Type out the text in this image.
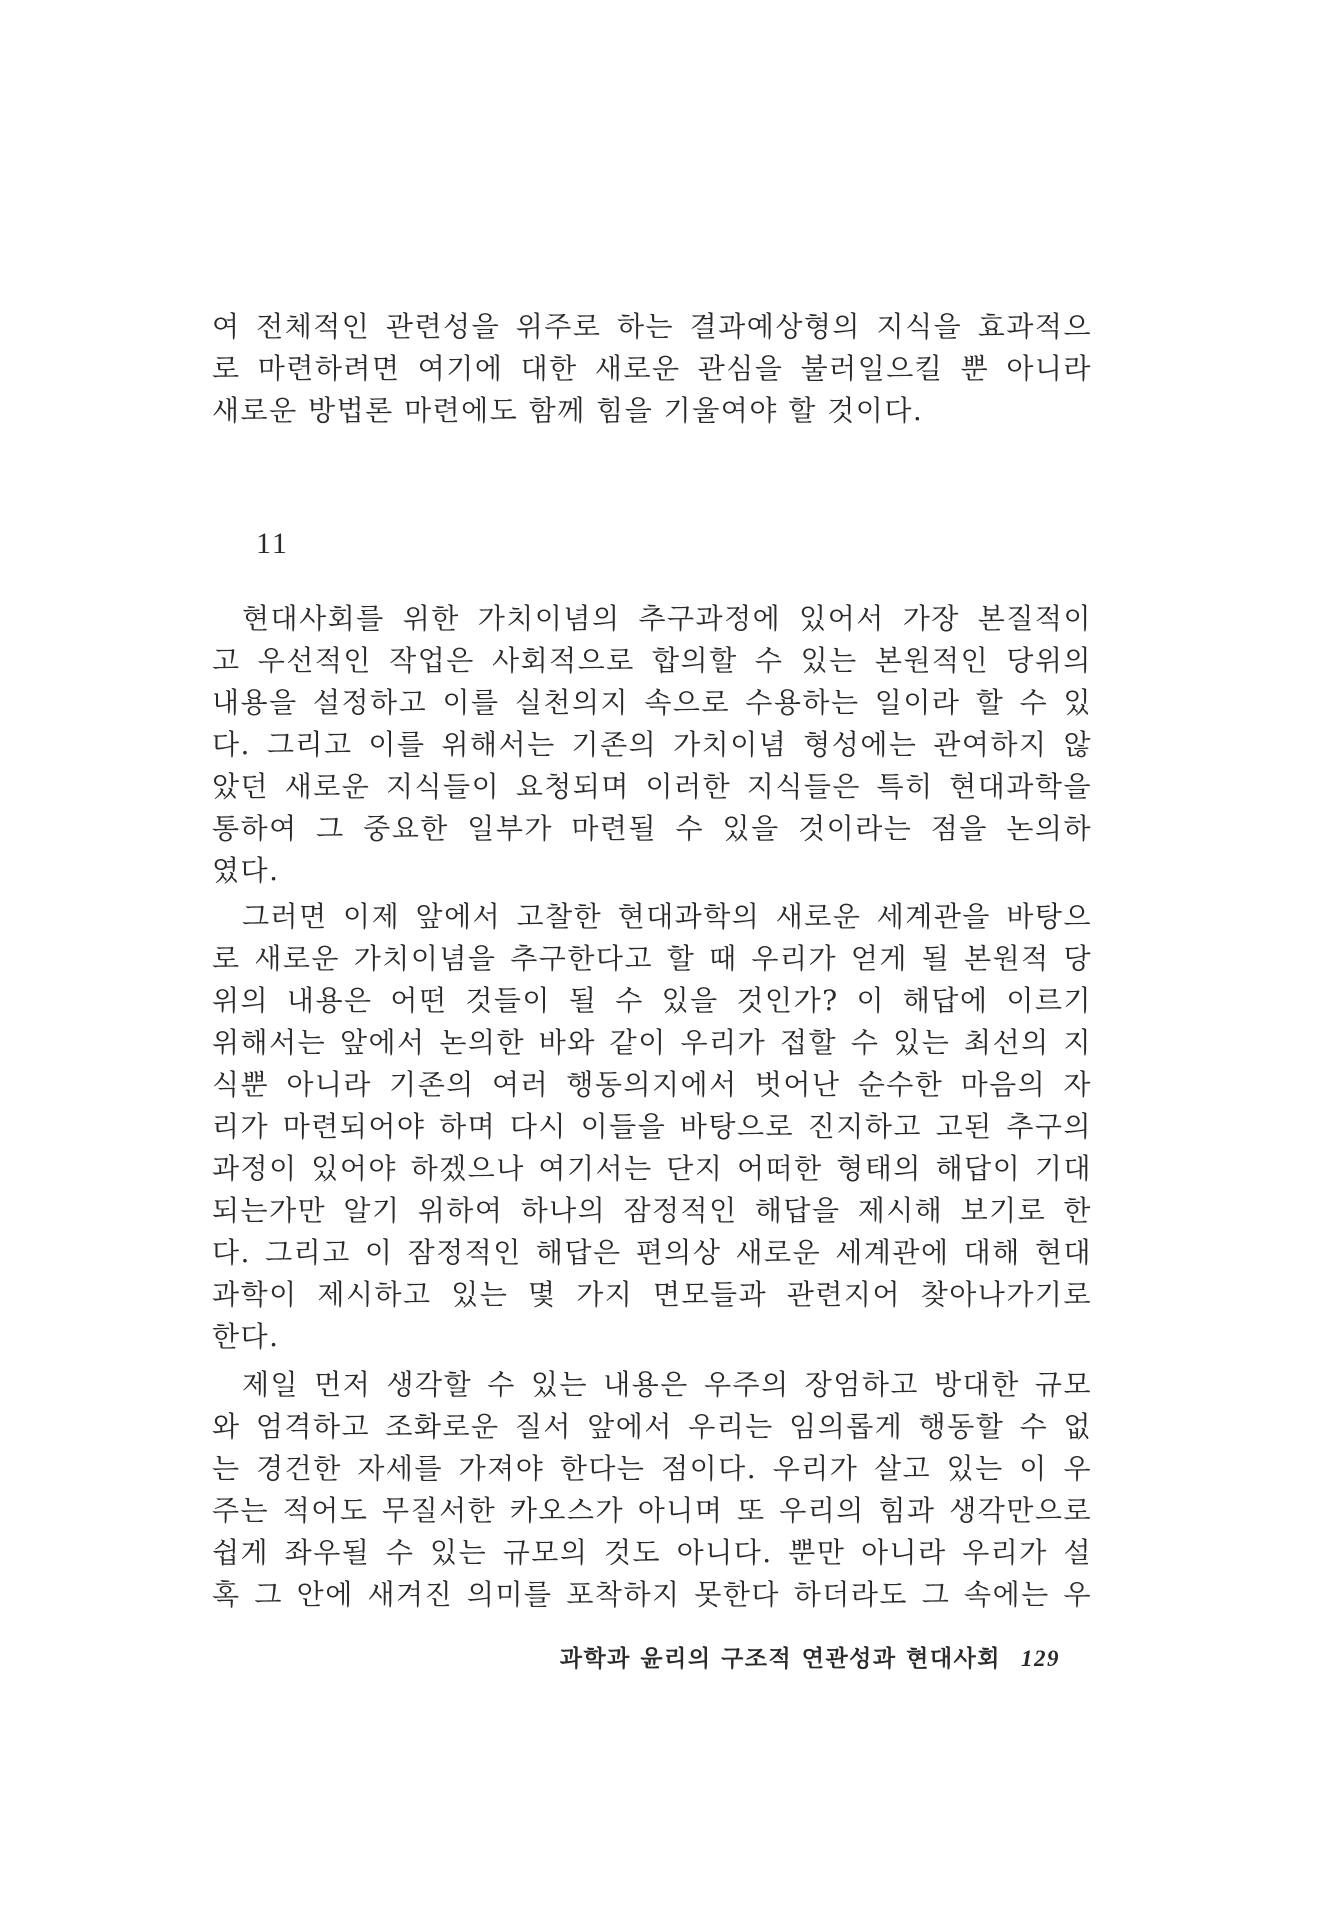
여 전체적인 관련성을 위주로 하는 결과예상형의 지식을 효과적으
로 마련하려면 여기에 대한 새로운 관심을 불러일으킬 뿐 아니라
새로운 방법론 마련에도 함께 힘을 기울여야 할 것이다.
11
현대사회를 위한 가치이념의 추구과정에 있어서 가장 본질적이
고 우선적인 작업은 사회적으로 합의할 수 있는 본원적인 당위의
내용을 설정하고 이를 실천의지 속으로 수용하는 일이라 할 수 있
다. 그리고 이를 위해서는 기존의 가치이념 형성에는 관여하지 않
았던 새로운 지식들이 요청되며 이러한 지식들은 특히 현대과학을
통하여 그 중요한 일부가 마련될 수 있을 것이라는 점을 논의하
였다.
그러면 이제 앞에서 고찰한 현대과학의 새로운 세계관을 바탕으
로 새로운 가치이념을 추구한다고 할 때 우리가 얻게 될 본원적 당
위의 내용은 어떤 것들이 될 수 있을 것인가? 이 해답에 이르기
위해서는 앞에서 논의한 바와 같이 우리가 접할 수 있는 최선의 지
식뿐 아니라 기존의 여러 행동의지에서 벗어난 순수한 마음의 자
리가 마련되어야 하며 다시 이들을 바탕으로 진지하고 고된 추구의
과정이 있어야 하겠으나 여기서는 단지 어떠한 형태의 해답이 기대
되는가만 알기 위하여 하나의 잠정적인 해답을 제시해 보기로 한
다. 그리고 이 잠정적인 해답은 편의상 새로운 세계관에 대해 현대
과학이 제시하고 있는 몇 가지 면모들과 관련지어 찾아나가기로
한다.
제일 먼저 생각할 수 있는 내용은 우주의 장엄하고 방대한 규모
와 엄격하고 조화로운 질서 앞에서 우리는 임의롭게 행동할 수 없
는 경건한 자세를 가져야 한다는 점이다. 우리가 살고 있는 이 우
주는 적어도 무질서한 카오스가 아니며 또 우리의 힘과 생각만으로
쉽게 좌우될 수 있는 규모의 것도 아니다. 뿐만 아니라 우리가 설
혹 그 안에 새겨진 의미를 포착하지 못한다 하더라도 그 속에는 우
과학과 윤리의 구조적 연관성과 현대사회 129
